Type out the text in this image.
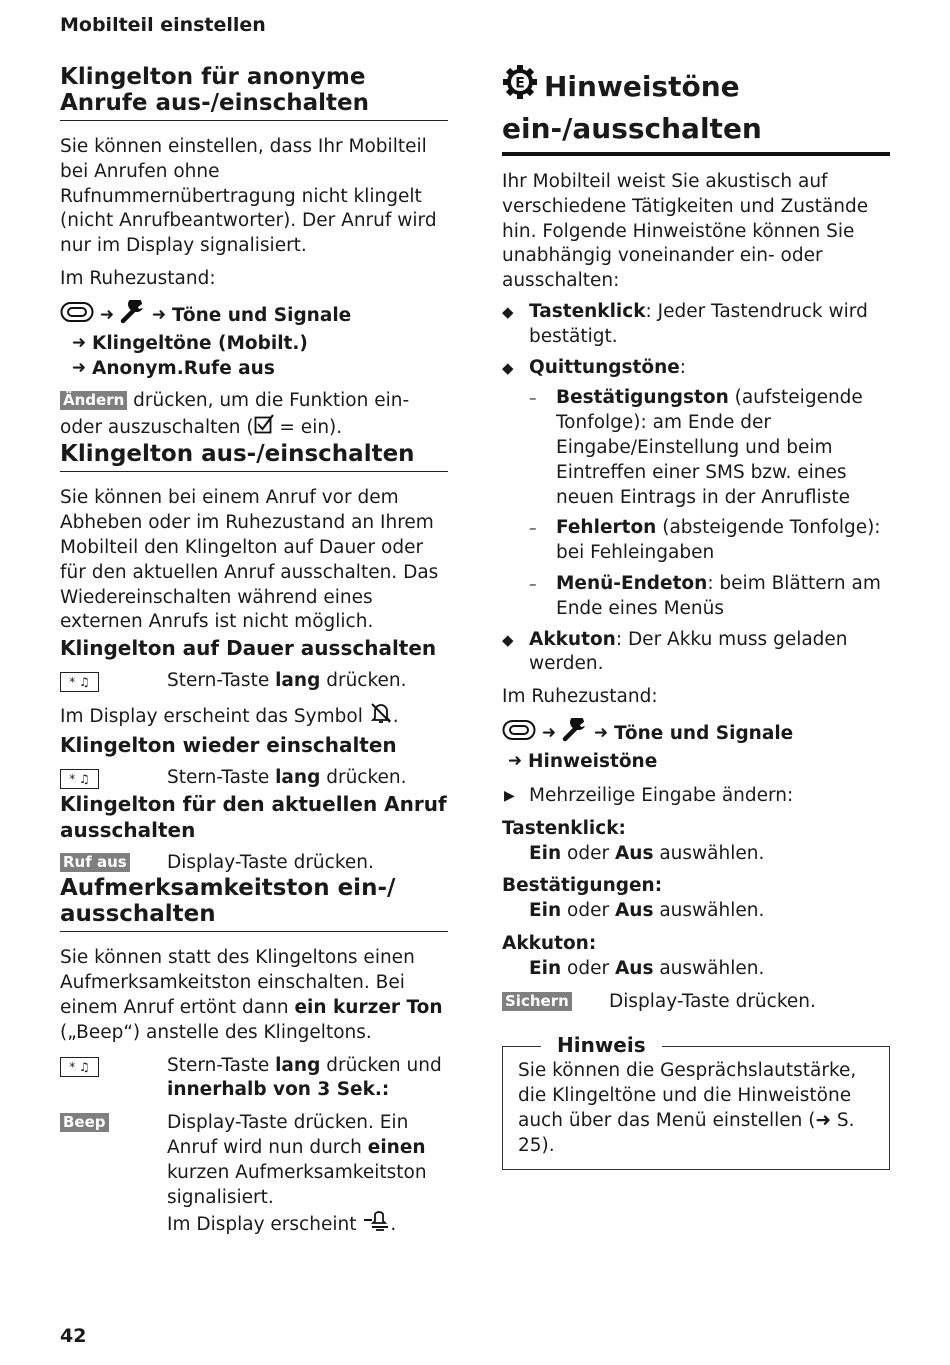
Mobilteil einstellen
Klingelton für anonyme Anrufe aus-/einschalten

Sie können einstellen, dass Ihr Mobilteil bei Anrufen ohne Rufnummernübertragung nicht klingelt (nicht Anrufbeantworter). Der Anruf wird nur im Display signalisiert.

Im Ruhezustand:

➜	➜ Töne und Signale
➜ Klingeltöne (Mobilt.)
➜ Anonym.Rufe aus

Ändern drücken, um die Funktion ein- oder auszuschalten ( = ein).

Klingelton aus-/einschalten

Sie können bei einem Anruf vor dem Abheben oder im Ruhezustand an Ihrem Mobilteil den Klingelton auf Dauer oder für den aktuellen Anruf ausschalten. Das Wiedereinschalten während eines externen Anrufs ist nicht möglich.

Klingelton auf Dauer ausschalten
* ♫	Stern-Taste lang drücken.

Im Display erscheint das Symbol .

Klingelton wieder einschalten
* ♫	Stern-Taste lang drücken.
Klingelton für den aktuellen Anruf ausschalten
Ruf aus	Display-Taste drücken.
Aufmerksamkeitston ein-/ ausschalten

Sie können statt des Klingeltons einen Aufmerksamkeitston einschalten. Bei einem Anruf ertönt dann ein kurzer Ton („Beep“) anstelle des Klingeltons.

* ♫	Stern-Taste lang drücken und innerhalb von 3 Sek.:
Beep	Display-Taste drücken. Ein Anruf wird nun durch einen kurzen Aufmerksamkeitston signalisiert.
Im Display erscheint .
E Hinweistöne
ein-/ausschalten

Ihr Mobilteil weist Sie akustisch auf verschiedene Tätigkeiten und Zustände hin. Folgende Hinweistöne können Sie unabhängig voneinander ein- oder ausschalten:

◆ Tastenklick: Jeder Tastendruck wird bestätigt.
◆ Quittungstöne:
– Bestätigungston (aufsteigende Tonfolge): am Ende der Eingabe/Einstellung und beim Eintreffen einer SMS bzw. eines neuen Eintrags in der Anrufliste
– Fehlerton (absteigende Tonfolge): bei Fehleingaben
– Menü-Endeton: beim Blättern am Ende eines Menüs
◆ Akkuton: Der Akku muss geladen werden.

Im Ruhezustand:

➜	➜ Töne und Signale
➜ Hinweistöne
▶ Mehrzeilige Eingabe ändern:
Tastenklick:
Ein oder Aus auswählen.
Bestätigungen:
Ein oder Aus auswählen.
Akkuton:
Ein oder Aus auswählen.
Sichern	Display-Taste drücken.
Hinweis
Sie können die Gesprächslautstärke, die Klingeltöne und die Hinweistöne auch über das Menü einstellen (➜ S. 25).
42
